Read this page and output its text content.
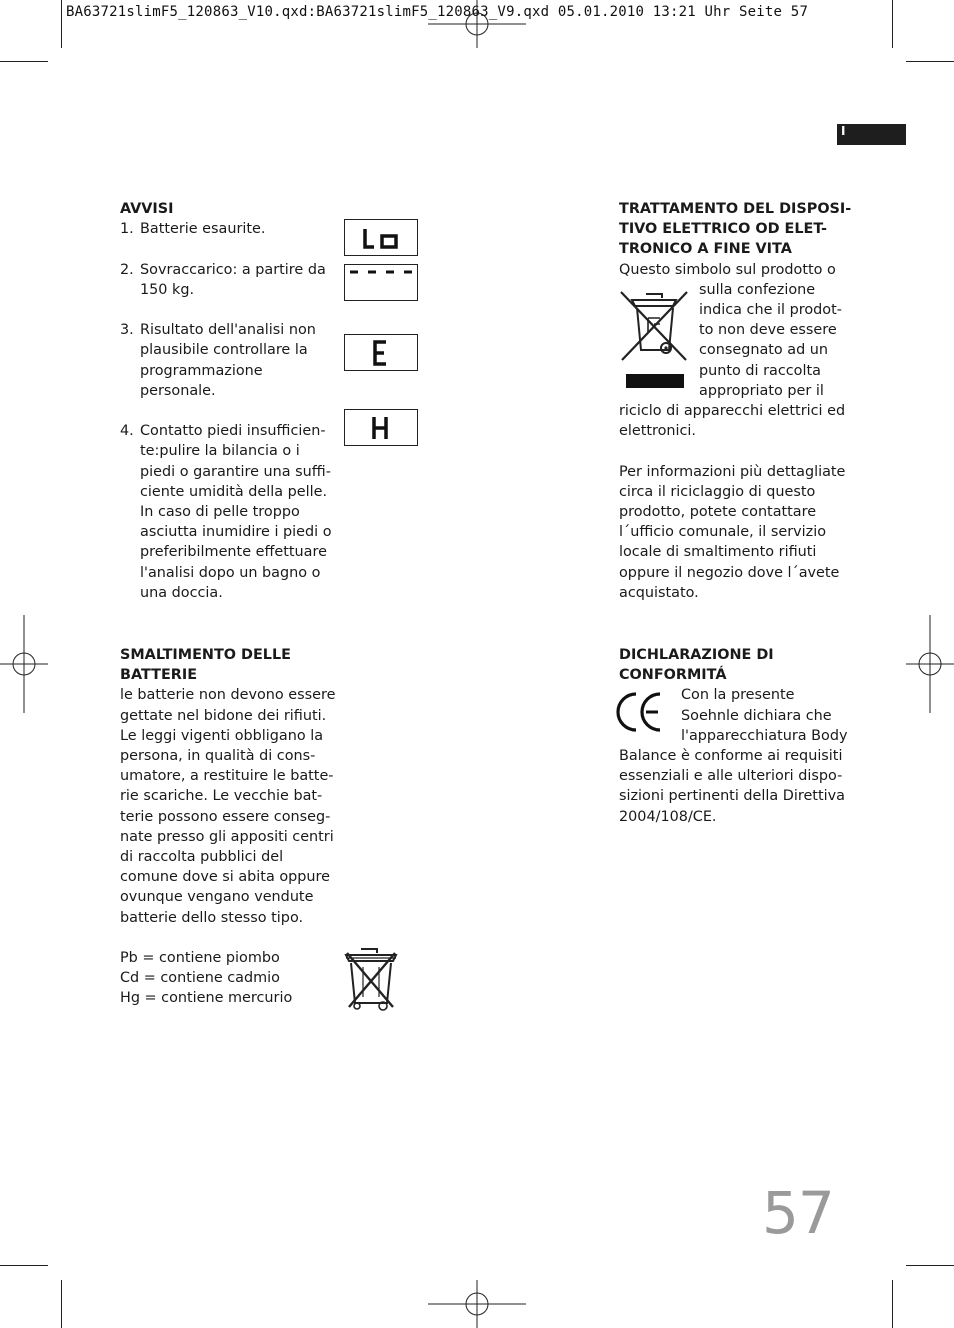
BA63721slimF5_120863_V10.qxd:BA63721slimF5_120863_V9.qxd 05.01.2010 13:21 Uhr Seite 57
I

AVVISI

1. Batterie esaurite.

2. Sovraccarico: a partire da

150 kg.

3. Risultato dell'analisi non

plausibile controllare la

programmazione personale.

4. Contatto piedi insufficien-

te:pulire la bilancia o i

piedi o garantire una suffi-

ciente umidità della pelle.

In caso di pelle troppo

asciutta inumidire i piedi o

preferibilmente effettuare

l'analisi dopo un bagno o

una doccia.

SMALTIMENTO DELLE

BATTERIE

le batterie non devono essere

gettate nel bidone dei rifiuti.

Le leggi vigenti obbligano la

persona, in qualità di cons-

umatore, a restituire le batte-

rie scariche. Le vecchie bat-

terie possono essere conseg-

nate presso gli appositi centri

di raccolta pubblici del

comune dove si abita oppure

ovunque vengano vendute

batterie dello stesso tipo.

Pb = contiene piombo

Cd = contiene cadmio

Hg = contiene mercurio

TRATTAMENTO DEL DISPOSI-

TIVO ELETTRICO OD ELET-

TRONICO A FINE VITA

Questo simbolo sul prodotto o

sulla confezione

indica che il prodot-

to non deve essere

consegnato ad un

punto di raccolta

appropriato per il

riciclo di apparecchi elettrici ed

elettronici.

Per informazioni più dettagliate

circa il riciclaggio di questo

prodotto, potete contattare

l´ufficio comunale, il servizio

locale di smaltimento rifiuti

oppure il negozio dove l´avete

acquistato.

DICHLARAZIONE DI

CONFORMITÁ

Con la presente

Soehnle dichiara che

l'apparecchiatura Body

Balance è conforme ai requisiti

essenziali e alle ulteriori dispo-

sizioni pertinenti della Direttiva

2004/108/CE.

57
